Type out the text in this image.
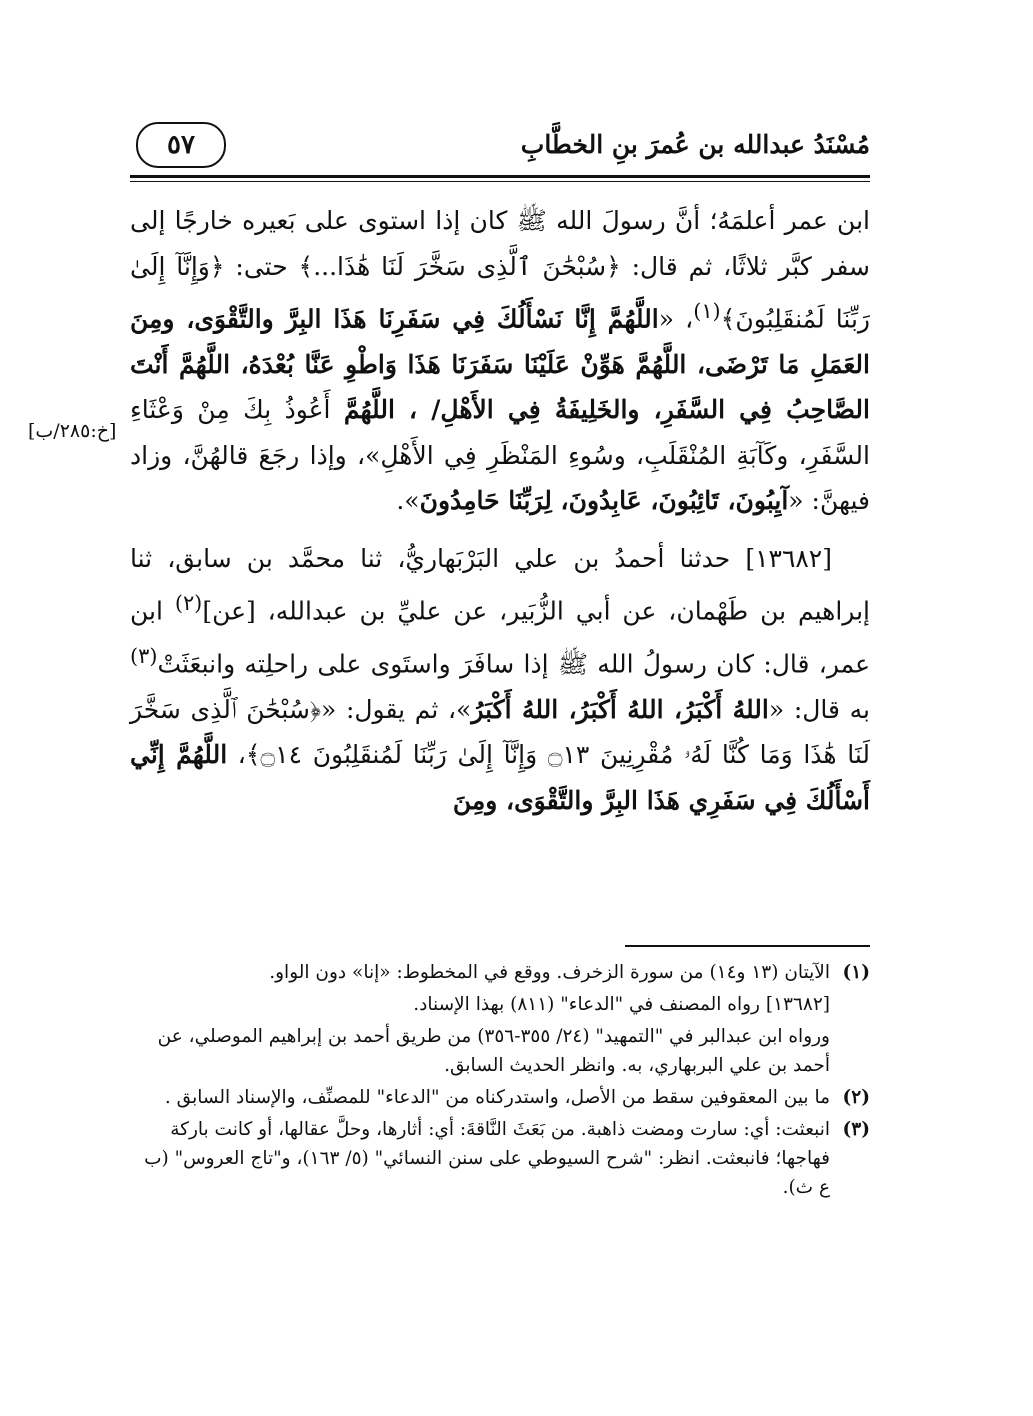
مُسْنَدُ عبدالله بن عُمرَ بنِ الخطَّابِ
٥٧
[خ:٢٨٥/ب]

ابن عمر أعلمَهُ؛ أنَّ رسولَ الله ﷺ كان إذا استوى على بَعيره خارجًا إلى سفر كبَّر ثلاثًا، ثم قال: ﴿سُبْحَٰنَ ٱلَّذِى سَخَّرَ لَنَا هَٰذَا...﴾ حتى: ﴿وَإِنَّآ إِلَىٰ رَبِّنَا لَمُنقَلِبُونَ﴾$^{(١)}$، «اللَّهُمَّ إِنَّا نَسْأَلُكَ فِي سَفَرِنَا هَذَا البِرَّ والتَّقْوَى، ومِنَ العَمَلِ مَا تَرْضَى، اللَّهُمَّ هَوِّنْ عَلَيْنَا سَفَرَنَا هَذَا وَاطْوِ عَنَّا بُعْدَهُ، اللَّهُمَّ أَنْتَ الصَّاحِبُ فِي السَّفَرِ، والخَلِيفَةُ فِي الأَهْلِ/ ، اللَّهُمَّ أَعُوذُ بِكَ مِنْ وَعْثَاءِ السَّفَرِ، وكَآبَةِ المُنْقَلَبِ، وسُوءِ المَنْظَرِ فِي الأَهْلِ»، وإذا رجَعَ قالهُنَّ، وزاد فيهنَّ: «آيِبُونَ، تَائِبُونَ، عَابِدُونَ، لِرَبِّنَا حَامِدُونَ».

[١٣٦٨٢] حدثنا أحمدُ بن علي البَرْبَهاريُّ، ثنا محمَّد بن سابق، ثنا إبراهيم بن طَهْمان، عن أبي الزُّبَير، عن عليِّ بن عبدالله، [عن]$^{(٢)}$ ابن عمر، قال: كان رسولُ الله ﷺ إذا سافَرَ واستَوى على راحلِته وانبعَثَتْ$^{(٣)}$ به قال: «اللهُ أَكْبَرُ، اللهُ أَكْبَرُ، اللهُ أَكْبَرُ»، ثم يقول: «﴿سُبْحَٰنَ ٱلَّذِى سَخَّرَ لَنَا هَٰذَا وَمَا كُنَّا لَهُۥ مُقْرِنِينَ ۝١٣ وَإِنَّآ إِلَىٰ رَبِّنَا لَمُنقَلِبُونَ ۝١٤﴾، اللَّهُمَّ إِنِّي أَسْأَلُكَ فِي سَفَرِي هَذَا البِرَّ والتَّقْوَى، ومِنَ

(١)
الآيتان (١٣ و١٤) من سورة الزخرف. ووقع في المخطوط: «إنا» دون الواو.
[١٣٦٨٢] رواه المصنف في "الدعاء" (٨١١) بهذا الإسناد.
ورواه ابن عبدالبر في "التمهيد" (٢٤/ ٣٥٥-٣٥٦) من طريق أحمد بن إبراهيم الموصلي، عن أحمد بن علي البربهاري، به. وانظر الحديث السابق.
(٢)
ما بين المعقوفين سقط من الأصل، واستدركناه من "الدعاء" للمصنِّف، والإسناد السابق .
(٣)
انبعثت: أي: سارت ومضت ذاهبة. من بَعَثَ النَّاقةَ: أي: أثارها، وحلَّ عقالها، أو كانت باركة فهاجها؛ فانبعثت. انظر: "شرح السيوطي على سنن النسائي" (٥/ ١٦٣)، و"تاج العروس" (ب ع ث).
